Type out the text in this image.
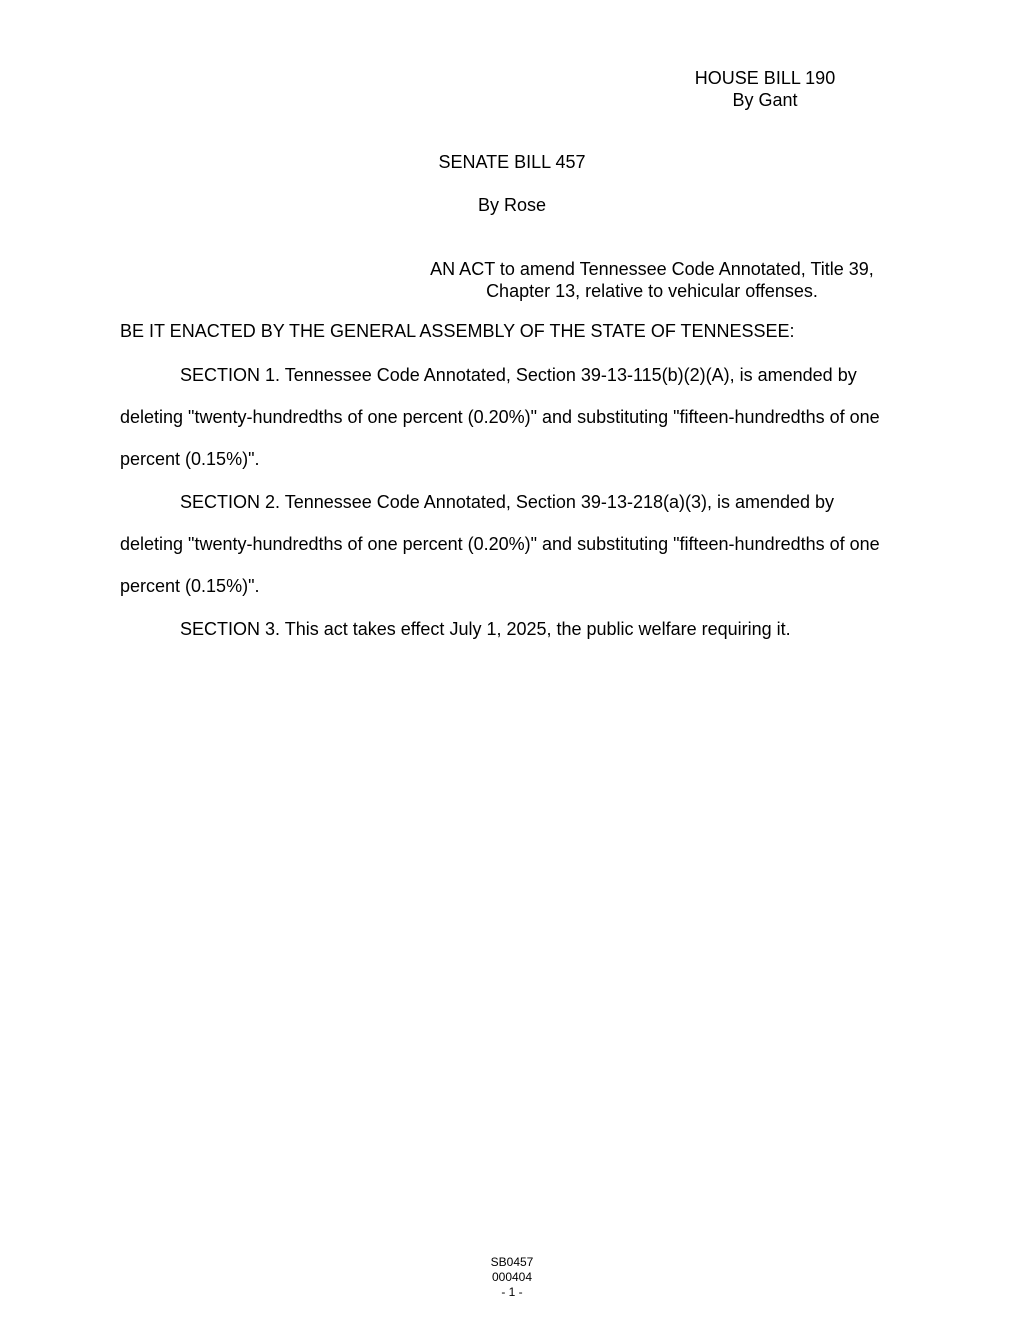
HOUSE BILL 190
By Gant
SENATE BILL 457
By Rose
AN ACT to amend Tennessee Code Annotated, Title 39,
Chapter 13, relative to vehicular offenses.
BE IT ENACTED BY THE GENERAL ASSEMBLY OF THE STATE OF TENNESSEE:
SECTION 1. Tennessee Code Annotated, Section 39-13-115(b)(2)(A), is amended by
deleting "twenty-hundredths of one percent (0.20%)" and substituting "fifteen-hundredths of one
percent (0.15%)".
SECTION 2. Tennessee Code Annotated, Section 39-13-218(a)(3), is amended by
deleting "twenty-hundredths of one percent (0.20%)" and substituting "fifteen-hundredths of one
percent (0.15%)".
SECTION 3. This act takes effect July 1, 2025, the public welfare requiring it.
SB0457
000404
- 1 -
